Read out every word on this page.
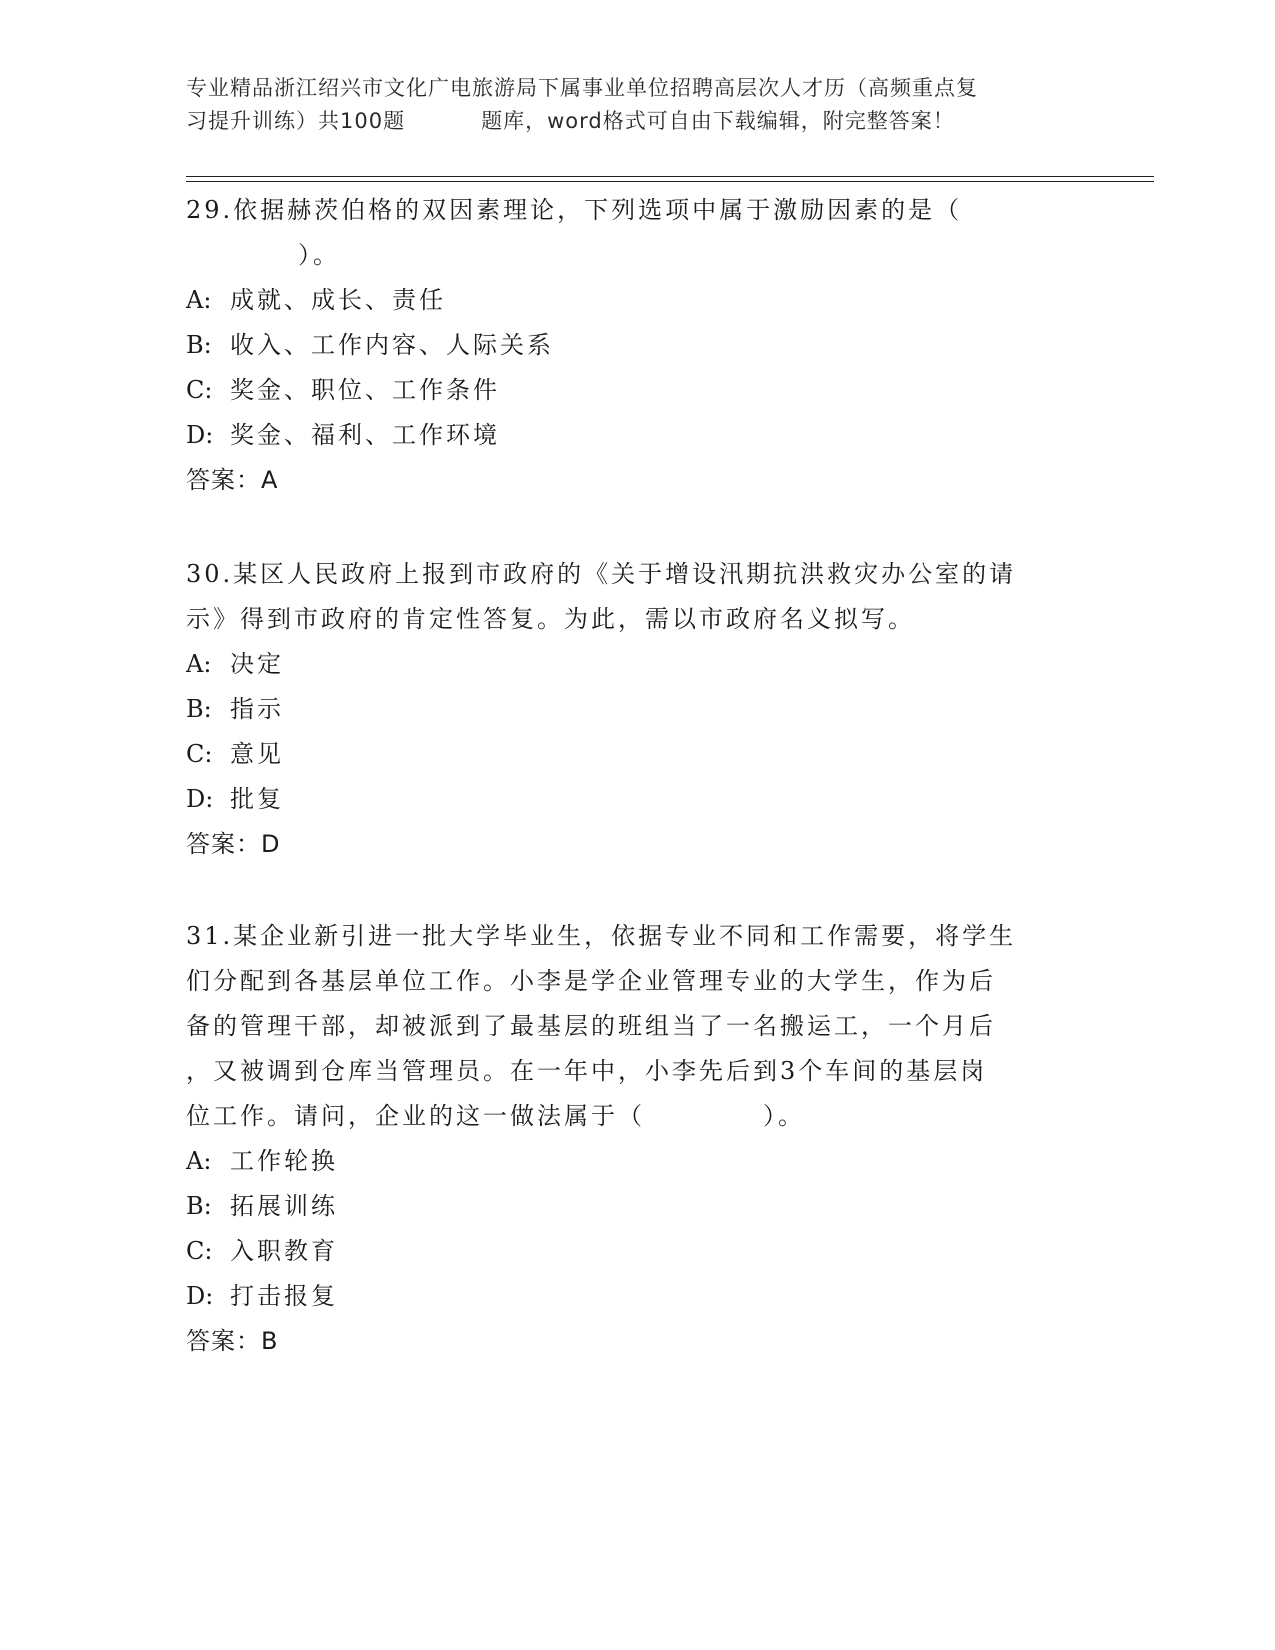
专业精品浙江绍兴市文化广电旅游局下属事业单位招聘高层次人才历（高频重点复
习提升训练）共100题	题库，word格式可自由下载编辑，附完整答案！
29.依据赫茨伯格的双因素理论，下列选项中属于激励因素的是（
）。
A: 成就、成长、责任
B: 收入、工作内容、人际关系
C: 奖金、职位、工作条件
D: 奖金、福利、工作环境
答案：A
30.某区人民政府上报到市政府的《关于增设汛期抗洪救灾办公室的请
示》得到市政府的肯定性答复。为此，需以市政府名义拟写。
A: 决定
B: 指示
C: 意见
D: 批复
答案：D
31.某企业新引进一批大学毕业生，依据专业不同和工作需要，将学生
们分配到各基层单位工作。小李是学企业管理专业的大学生，作为后
备的管理干部，却被派到了最基层的班组当了一名搬运工，一个月后
，又被调到仓库当管理员。在一年中，小李先后到3个车间的基层岗
位工作。请问，企业的这一做法属于（	）。
A: 工作轮换
B: 拓展训练
C: 入职教育
D: 打击报复
答案：B
